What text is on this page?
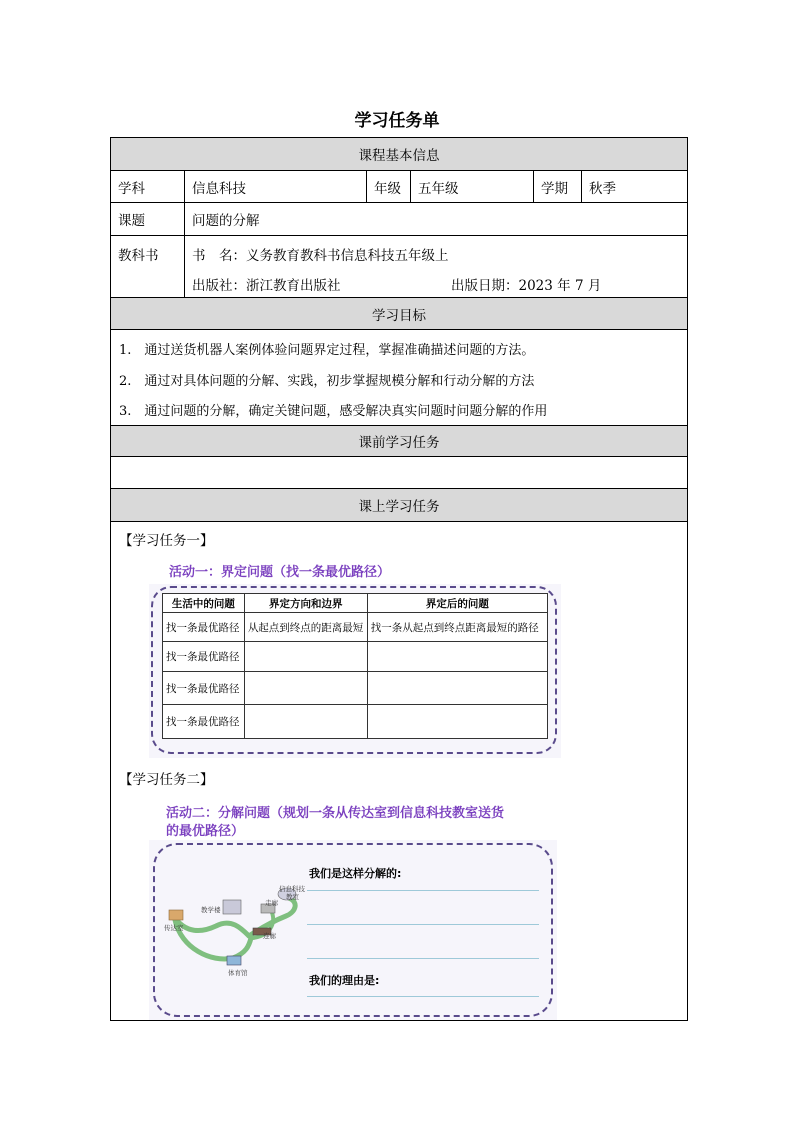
学习任务单
课程基本信息
学科	信息科技	年级	五年级	学期	秋季
课题	问题的分解
教科书	书　名：义务教育教科书信息科技五年级上
出版社：浙江教育出版社	出版日期：2023 年 7 月
学习目标
1.　通过送货机器人案例体验问题界定过程，掌握准确描述问题的方法。
2.　通过对具体问题的分解、实践，初步掌握规模分解和行动分解的方法
3.　通过问题的分解，确定关键问题，感受解决真实问题时问题分解的作用
课前学习任务
课上学习任务
【学习任务一】
活动一：界定问题（找一条最优路径）
生活中的问题	界定方向和边界	界定后的问题
找一条最优路径	从起点到终点的距离最短	找一条从起点到终点距离最短的路径
找一条最优路径		
找一条最优路径		
找一条最优路径		
【学习任务二】
活动二：分解问题（规划一条从传达室到信息科技教室送货
的最优路径）
信息科技
教室
教学楼
走廊
传达室
连廊
体育馆
我们是这样分解的:
我们的理由是:
